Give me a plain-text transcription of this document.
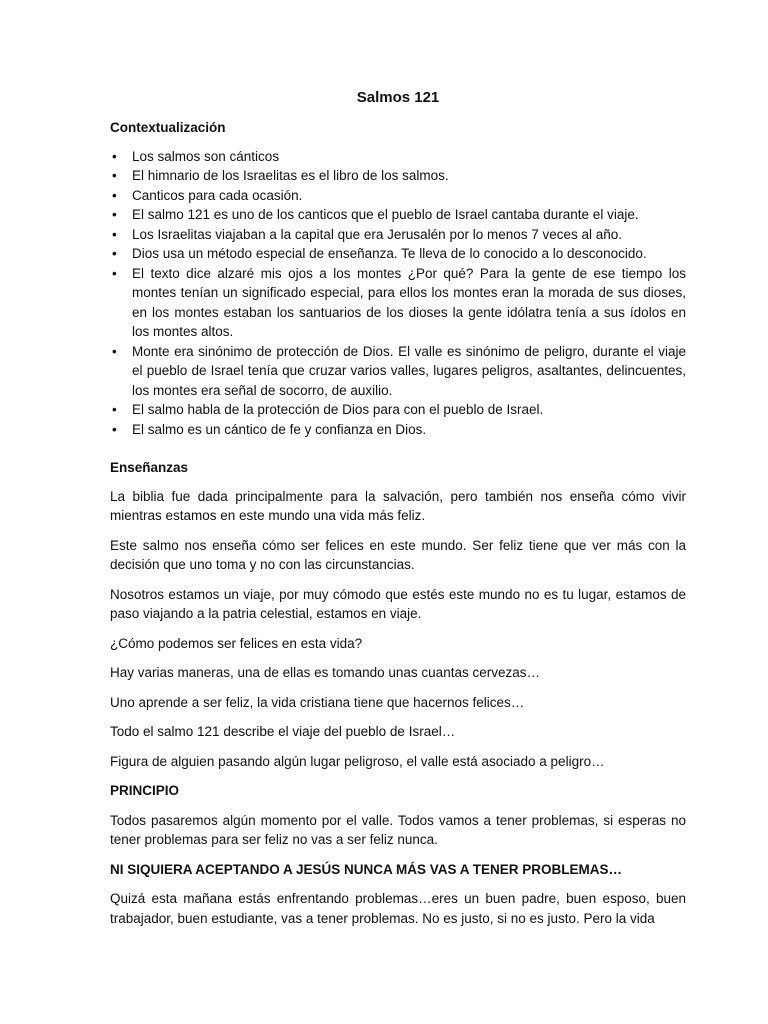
Salmos 121
Contextualización
• Los salmos son cánticos
• El himnario de los Israelitas es el libro de los salmos.
• Canticos para cada ocasión.
• El salmo 121 es uno de los canticos que el pueblo de Israel cantaba durante el viaje.
• Los Israelitas viajaban a la capital que era Jerusalén por lo menos 7 veces al año.
• Dios usa un método especial de enseñanza. Te lleva de lo conocido a lo desconocido.
• El texto dice alzaré mis ojos a los montes ¿Por qué? Para la gente de ese tiempo los montes tenían un significado especial, para ellos los montes eran la morada de sus dioses, en los montes estaban los santuarios de los dioses la gente idólatra tenía a sus ídolos en los montes altos.
• Monte era sinónimo de protección de Dios. El valle es sinónimo de peligro, durante el viaje el pueblo de Israel tenía que cruzar varios valles, lugares peligros, asaltantes, delincuentes, los montes era señal de socorro, de auxilio.
• El salmo habla de la protección de Dios para con el pueblo de Israel.
• El salmo es un cántico de fe y confianza en Dios.
Enseñanzas

La biblia fue dada principalmente para la salvación, pero también nos enseña cómo vivir mientras estamos en este mundo una vida más feliz.

Este salmo nos enseña cómo ser felices en este mundo. Ser feliz tiene que ver más con la decisión que uno toma y no con las circunstancias.

Nosotros estamos un viaje, por muy cómodo que estés este mundo no es tu lugar, estamos de paso viajando a la patria celestial, estamos en viaje.

¿Cómo podemos ser felices en esta vida?

Hay varias maneras, una de ellas es tomando unas cuantas cervezas…

Uno aprende a ser feliz, la vida cristiana tiene que hacernos felices…

Todo el salmo 121 describe el viaje del pueblo de Israel…

Figura de alguien pasando algún lugar peligroso, el valle está asociado a peligro…

PRINCIPIO

Todos pasaremos algún momento por el valle. Todos vamos a tener problemas, si esperas no tener problemas para ser feliz no vas a ser feliz nunca.

NI SIQUIERA ACEPTANDO A JESÚS NUNCA MÁS VAS A TENER PROBLEMAS…

Quizá esta mañana estás enfrentando problemas…eres un buen padre, buen esposo, buen trabajador, buen estudiante, vas a tener problemas. No es justo, si no es justo. Pero la vida
